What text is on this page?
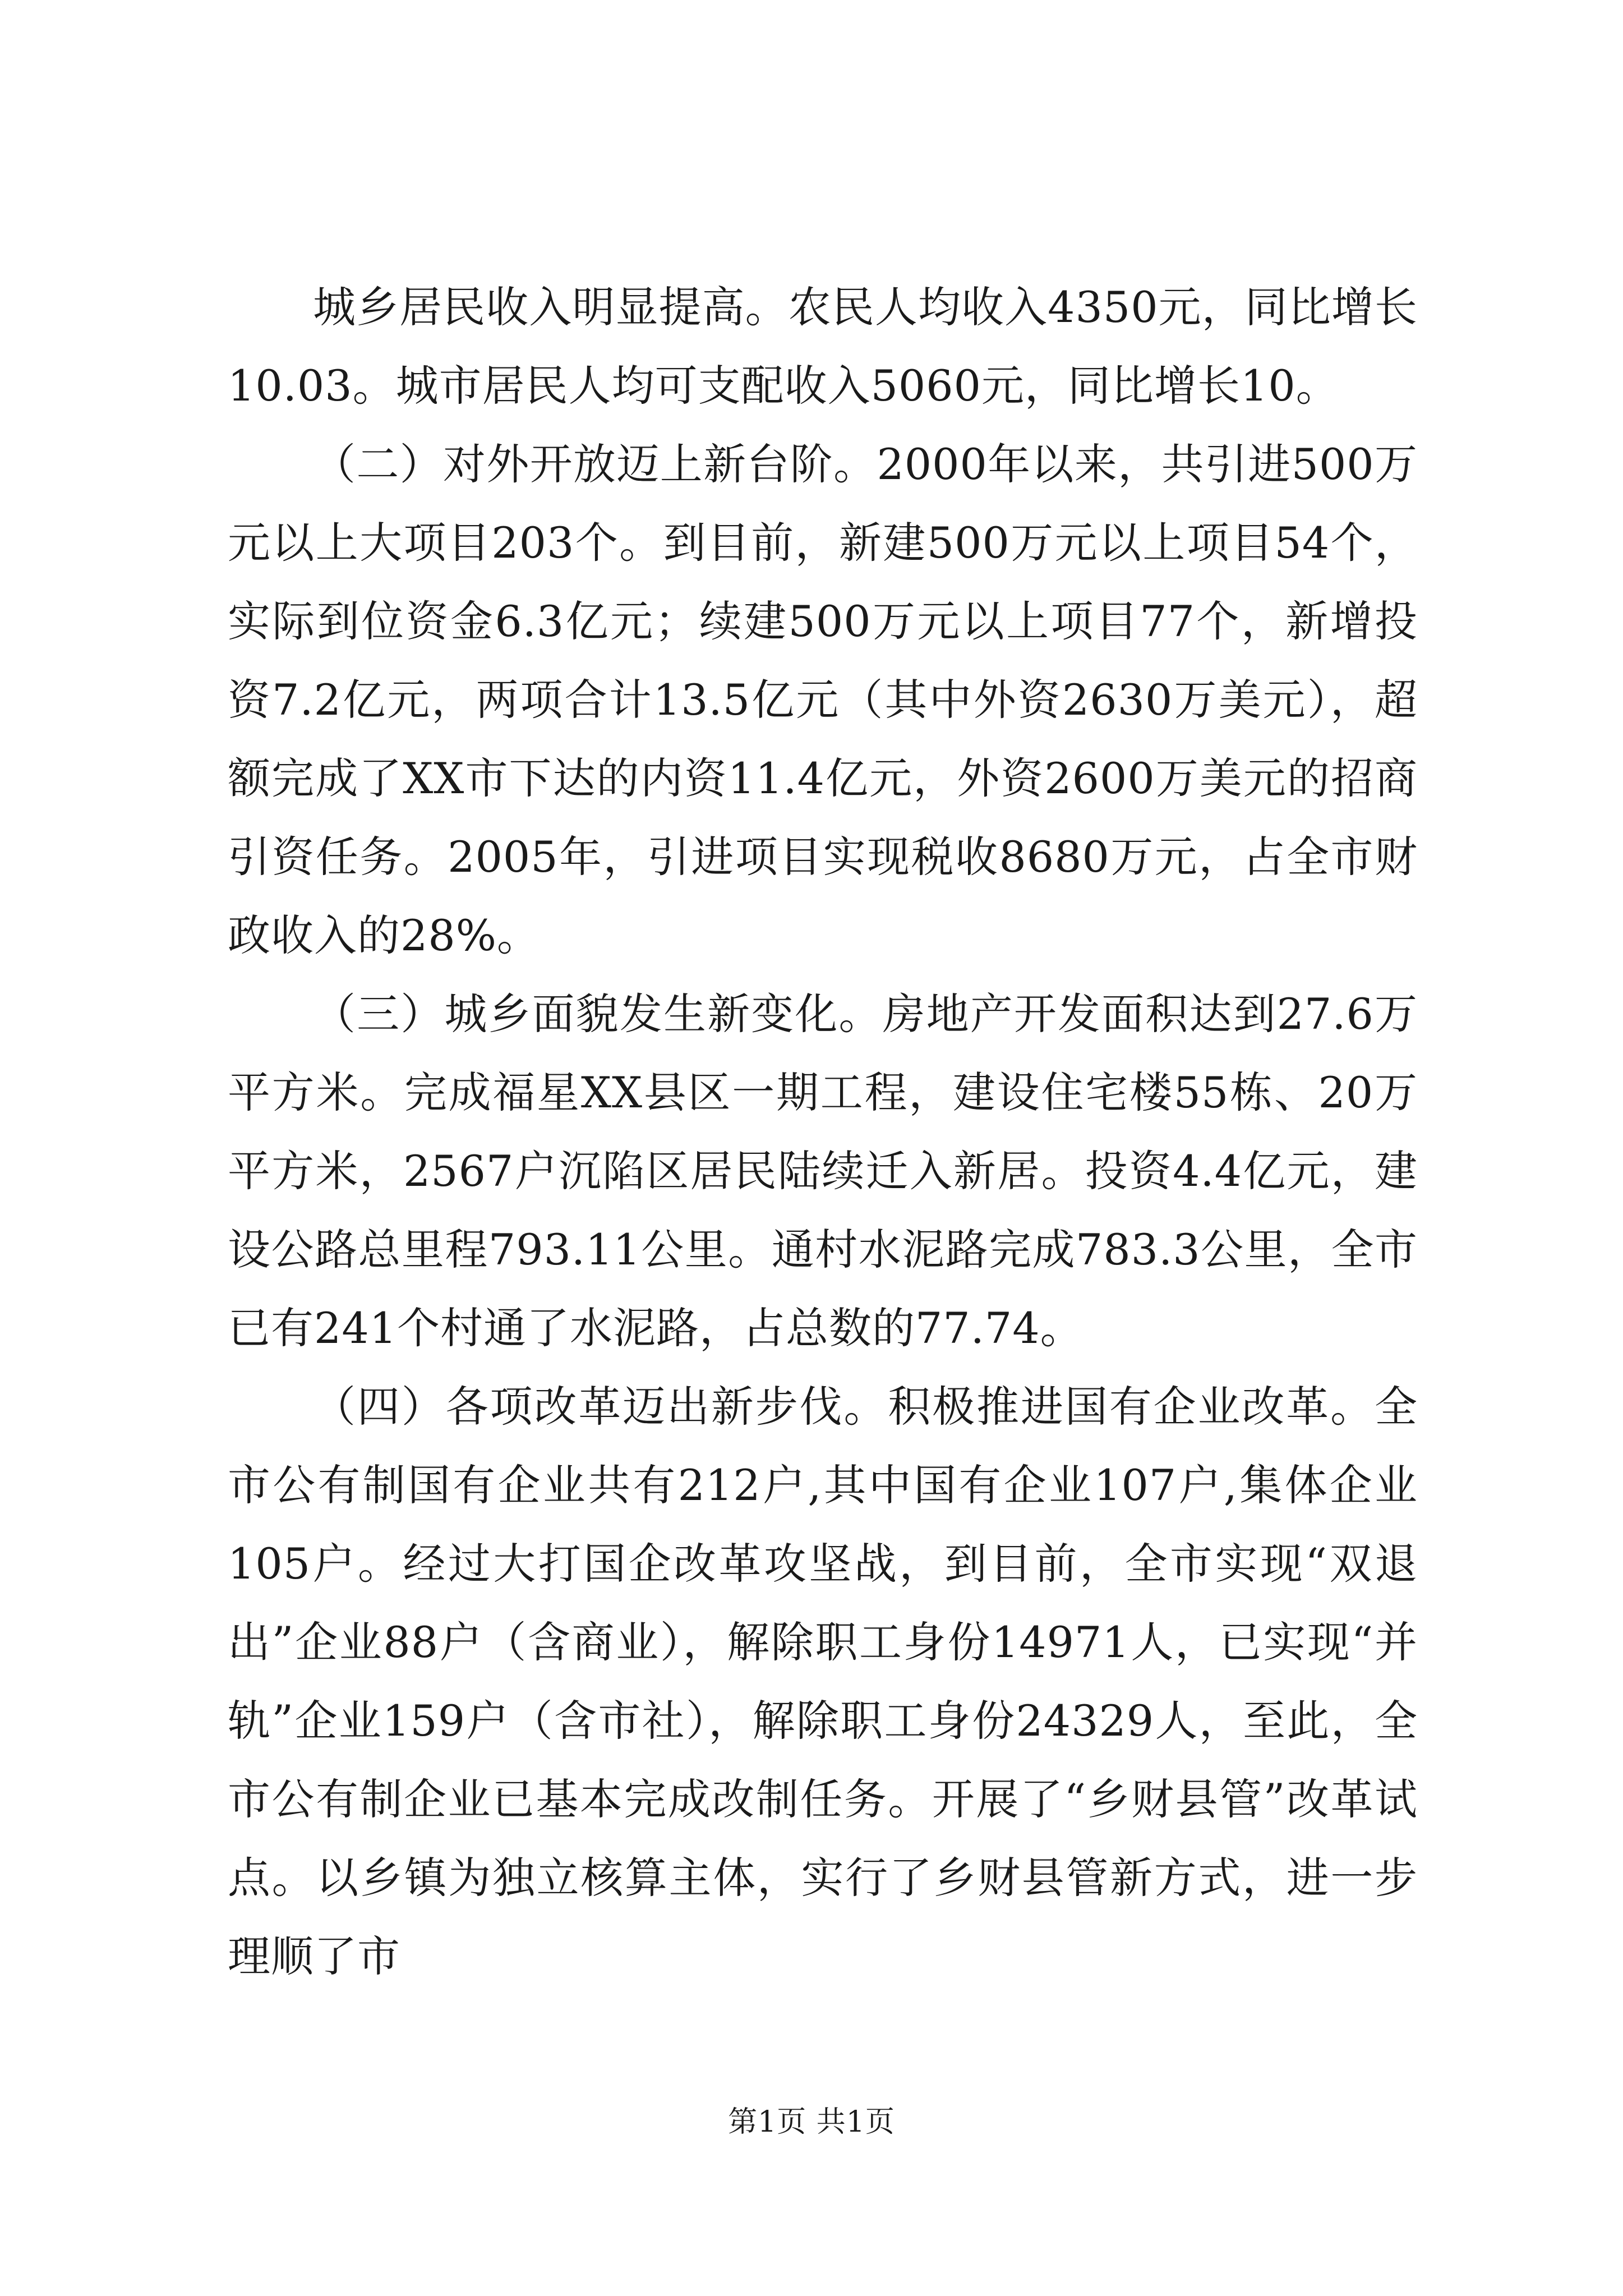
城乡居民收入明显提高。农民人均收入4350元，同比增长10.03。城市居民人均可支配收入5060元，同比增长10。

（二）对外开放迈上新台阶。2000年以来，共引进500万元以上大项目203个。到目前，新建500万元以上项目54个，实际到位资金6.3亿元；续建500万元以上项目77个，新增投资7.2亿元，两项合计13.5亿元（其中外资2630万美元），超额完成了XX市下达的内资11.4亿元，外资2600万美元的招商引资任务。2005年，引进项目实现税收8680万元，占全市财政收入的28%。

（三）城乡面貌发生新变化。房地产开发面积达到27.6万平方米。完成福星XX县区一期工程，建设住宅楼55栋、20万平方米，2567户沉陷区居民陆续迁入新居。投资4.4亿元，建设公路总里程793.11公里。通村水泥路完成783.3公里，全市已有241个村通了水泥路，占总数的77.74。

（四）各项改革迈出新步伐。积极推进国有企业改革。全市公有制国有企业共有212户,其中国有企业107户,集体企业105户。经过大打国企改革攻坚战，到目前，全市实现“双退出”企业88户（含商业），解除职工身份14971人，已实现“并轨”企业159户（含市社），解除职工身份24329人，至此，全市公有制企业已基本完成改制任务。开展了“乡财县管”改革试点。以乡镇为独立核算主体，实行了乡财县管新方式，进一步理顺了市

第1页 共1页
